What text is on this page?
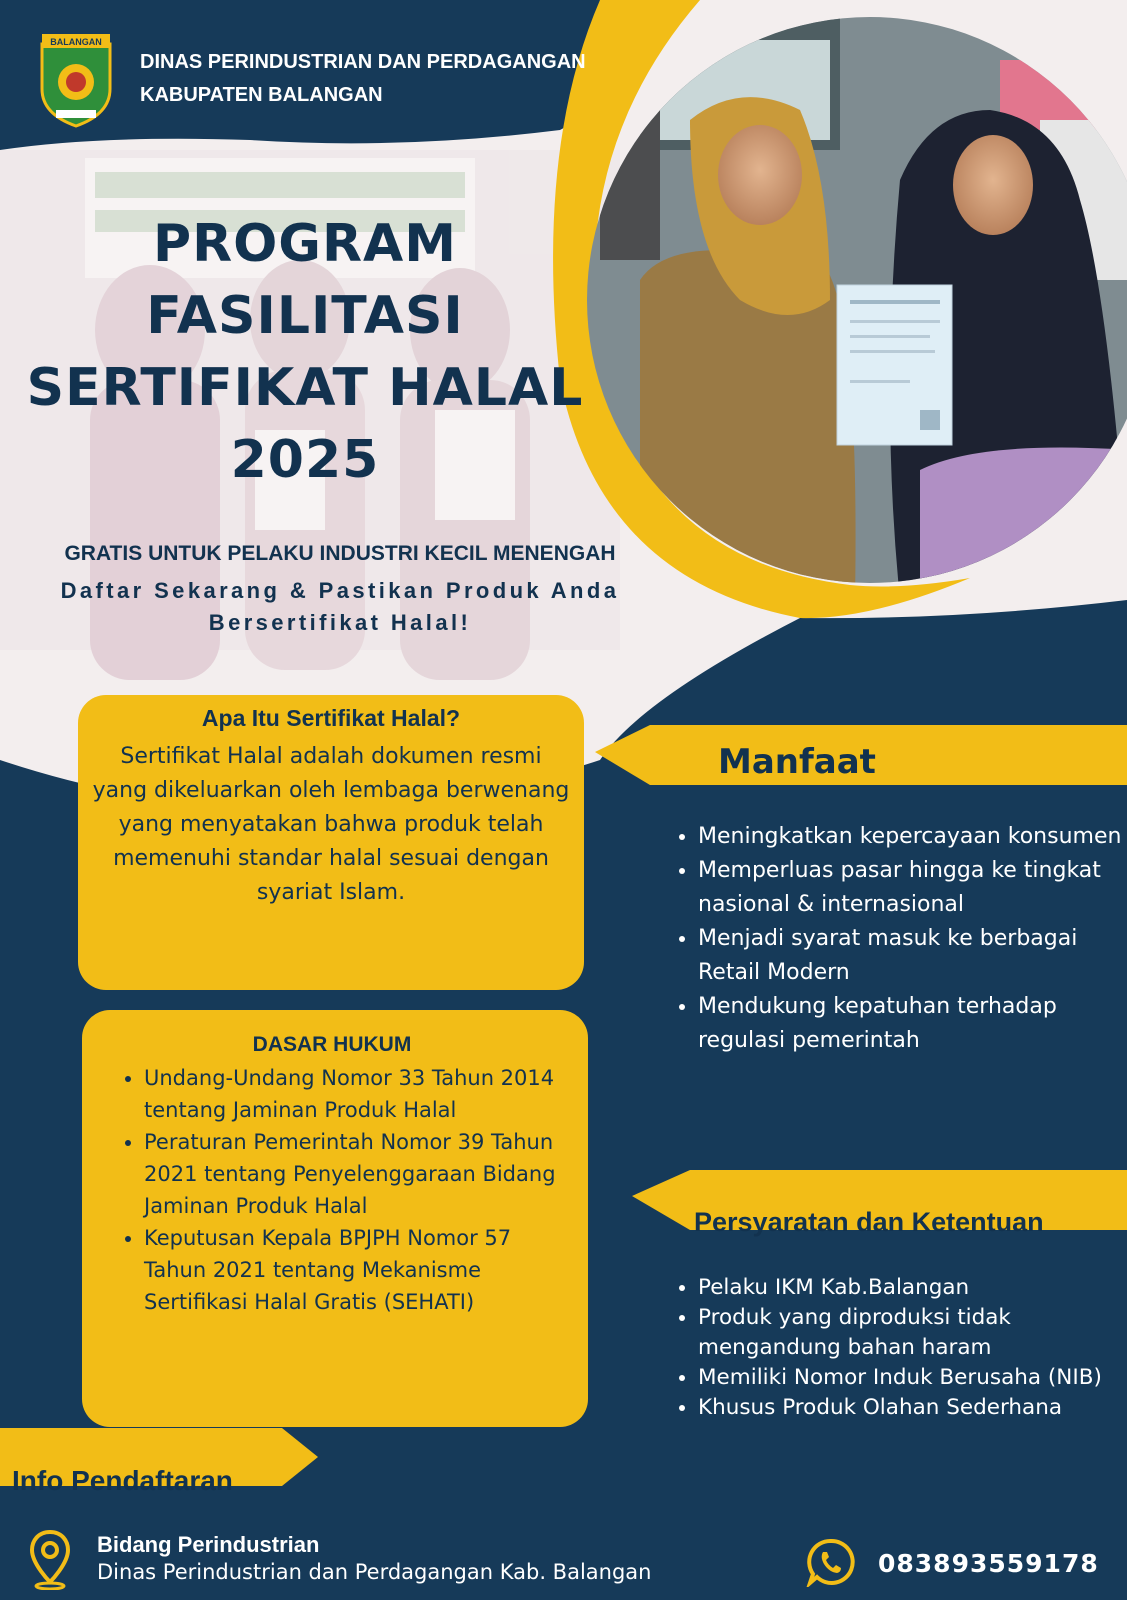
BALANGAN
DINAS PERINDUSTRIAN DAN PERDAGANGAN
KABUPATEN BALANGAN
PROGRAM
FASILITASI
SERTIFIKAT HALAL
2025
GRATIS UNTUK PELAKU INDUSTRI KECIL MENENGAH
Daftar Sekarang & Pastikan Produk Anda
Bersertifikat Halal!
Apa Itu Sertifikat Halal?
Sertifikat Halal adalah dokumen resmi yang dikeluarkan oleh lembaga berwenang yang menyatakan bahwa produk telah memenuhi standar halal sesuai dengan syariat Islam.
DASAR HUKUM
• Undang-Undang Nomor 33 Tahun 2014 tentang Jaminan Produk Halal
• Peraturan Pemerintah Nomor 39 Tahun 2021 tentang Penyelenggaraan Bidang Jaminan Produk Halal
• Keputusan Kepala BPJPH Nomor 57 Tahun 2021 tentang Mekanisme Sertifikasi Halal Gratis (SEHATI)
Manfaat
• Meningkatkan kepercayaan konsumen
• Memperluas pasar hingga ke tingkat nasional & internasional
• Menjadi syarat masuk ke berbagai Retail Modern
• Mendukung kepatuhan terhadap regulasi pemerintah
Persyaratan dan Ketentuan
• Pelaku IKM Kab.Balangan
• Produk yang diproduksi tidak mengandung bahan haram
• Memiliki Nomor Induk Berusaha (NIB)
• Khusus Produk Olahan Sederhana
Info Pendaftaran
Bidang Perindustrian
Dinas Perindustrian dan Perdagangan Kab. Balangan	083893559178
